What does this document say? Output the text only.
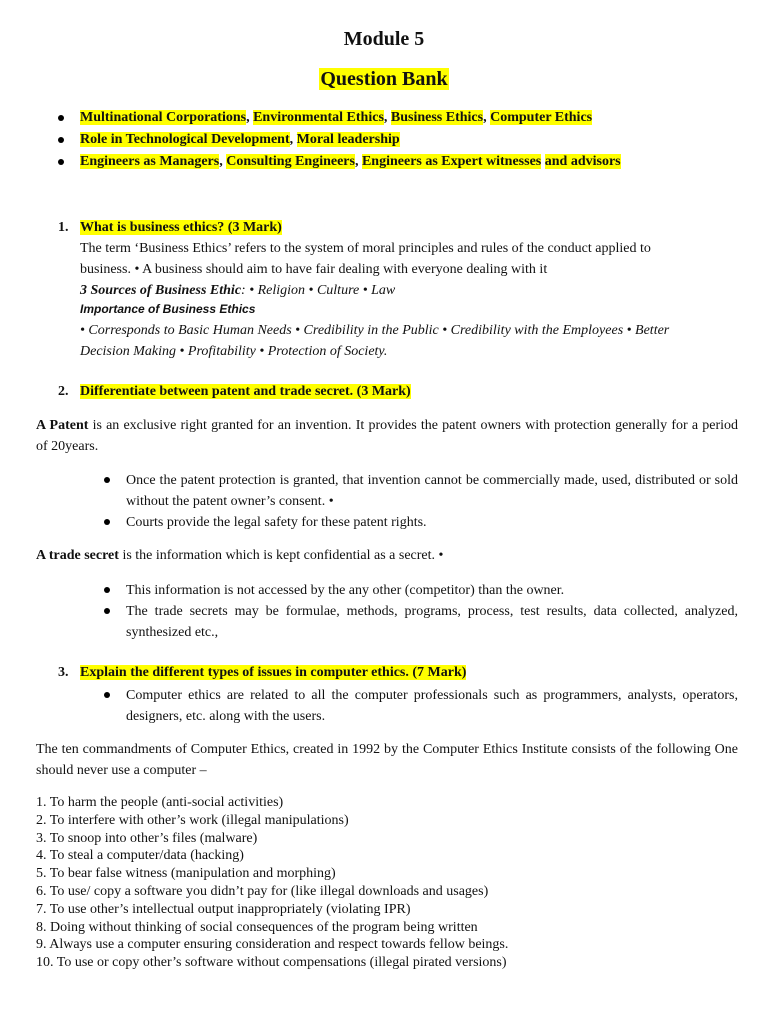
Module 5
Question Bank
Multinational Corporations, Environmental Ethics, Business Ethics, Computer Ethics
Role in Technological Development, Moral leadership
Engineers as Managers, Consulting Engineers, Engineers as Expert witnesses and advisors
1. What is business ethics? (3 Mark)
The term ‘Business Ethics’ refers to the system of moral principles and rules of the conduct applied to
business. • A business should aim to have fair dealing with everyone dealing with it
3 Sources of Business Ethic: • Religion • Culture • Law
Importance of Business Ethics
• Corresponds to Basic Human Needs • Credibility in the Public • Credibility with the Employees • Better
Decision Making • Profitability • Protection of Society.
2. Differentiate between patent and trade secret. (3 Mark)
A Patent is an exclusive right granted for an invention. It provides the patent owners with protection generally for a period of 20years.
Once the patent protection is granted, that invention cannot be commercially made, used, distributed or sold without the patent owner’s consent. •
Courts provide the legal safety for these patent rights.
A trade secret is the information which is kept confidential as a secret. •
This information is not accessed by the any other (competitor) than the owner.
The trade secrets may be formulae, methods, programs, process, test results, data collected, analyzed, synthesized etc.,
3. Explain the different types of issues in computer ethics. (7 Mark)
Computer ethics are related to all the computer professionals such as programmers, analysts, operators, designers, etc. along with the users.
The ten commandments of Computer Ethics, created in 1992 by the Computer Ethics Institute consists of the following One should never use a computer –
1. To harm the people (anti-social activities)
2. To interfere with other’s work (illegal manipulations)
3. To snoop into other’s files (malware)
4. To steal a computer/data (hacking)
5. To bear false witness (manipulation and morphing)
6. To use/ copy a software you didn’t pay for (like illegal downloads and usages)
7. To use other’s intellectual output inappropriately (violating IPR)
8. Doing without thinking of social consequences of the program being written
9. Always use a computer ensuring consideration and respect towards fellow beings.
10. To use or copy other’s software without compensations (illegal pirated versions)
